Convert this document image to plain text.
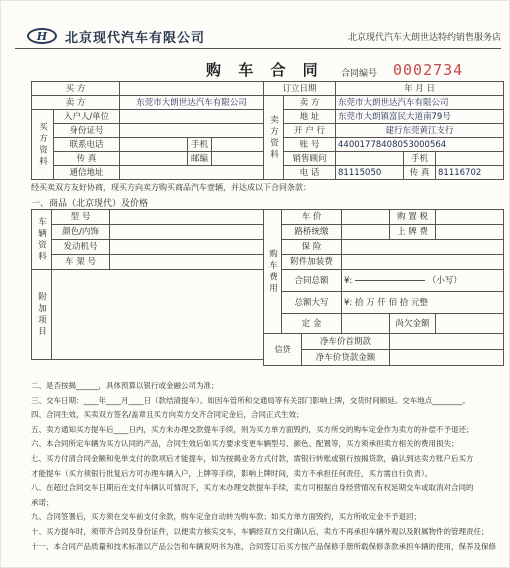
H	北京现代汽车有限公司	北京现代汽车大朗世达特约销售服务店
购 车 合 同 合同编号 0002734
买 方				
卖 方		东莞市大朗世达汽车有限公司		
买方资料	入户人/单位			
	身份证号			
	联系电话		手机	
	传 真		邮编	
	通信地址			
订立日期		年 月 日		
卖方资料	卖 方	东莞市大朗世达汽车有限公司		
	地 址	东莞市大朗镇富民大道南79号		
	开 户 行	建行东莞黄江支行		
	账 号	44001778408053000564		
	销售顾问		手机	
	电 话	81115050	传 真	81116702
经买卖双方友好协商，现买方向卖方购买商品汽车壹辆，并达成以下合同条款：
一、商品（北京现代）及价格
车辆资料	型 号	
	颜色/内饰	
	发动机号	
	车 架 号	
附加项目		
购车费用	车 价			购 置 税	
	路桥统缴			上 牌 费	
	保 险				
	附件加装费				
	合同总额		¥: （小写）		
	总额大写		¥: 拾 万 仟 佰 拾 元整		
	定 金			尚欠金额	
信贷		净车价首期款			
		净车价贷款金额			
二、是否按揭______，具体预算以银行或金融公司为准；
三、交车日期：____年____月____日（款结清提车）。如因车管所和交通局等有关部门影响上牌，交货时间顺延。交车地点________。
四、合同生效，买卖双方签名/盖章且买方向卖方交齐合同定金后，合同正式生效；
五、卖方通知买方提车后____日内，买方未办理交款提车手续，则为买方单方面毁约，买方所交的购车定金作为卖方的补偿不予退还；
六、本合同所定车辆为买方认同的产品，合同生效后如买方要求变更车辆型号、颜色、配置等，买方须承担卖方相关的费用损失；
七、买方付清合同金额和免单支付的款项后才能提车，如为按揭业务方式付款，需银行转账或银行按揭贷款，确认到达卖方账户后买方
才能提车（买方须银行批复后方可办理车辆入户，上牌等手续，影响上牌时间，卖方不承担任何责任，买方需自行负责）。
八、在超过合同交车日期后在支付车辆认可情况下，买方未办理交款提车手续，卖方可根据自身经营情况有权延期交车或取消对合同的
承诺；
九、合同签署后，买方须在交车前支付余款，购车定金自动转为购车款；如买方单方面毁约，买方所收定金不予退回；
十、买方提车时，须带齐合同及身份证件，以便卖方核实交车，车辆经双方交付确认后，卖方不再承担车辆外观以及附属物件的管理责任；
十一、本合同产品质量和技术标准以产品公告和车辆说明书为准，合同签订后买方按产品保修手册所载保修条款承担车辆的使用，保养及保修
